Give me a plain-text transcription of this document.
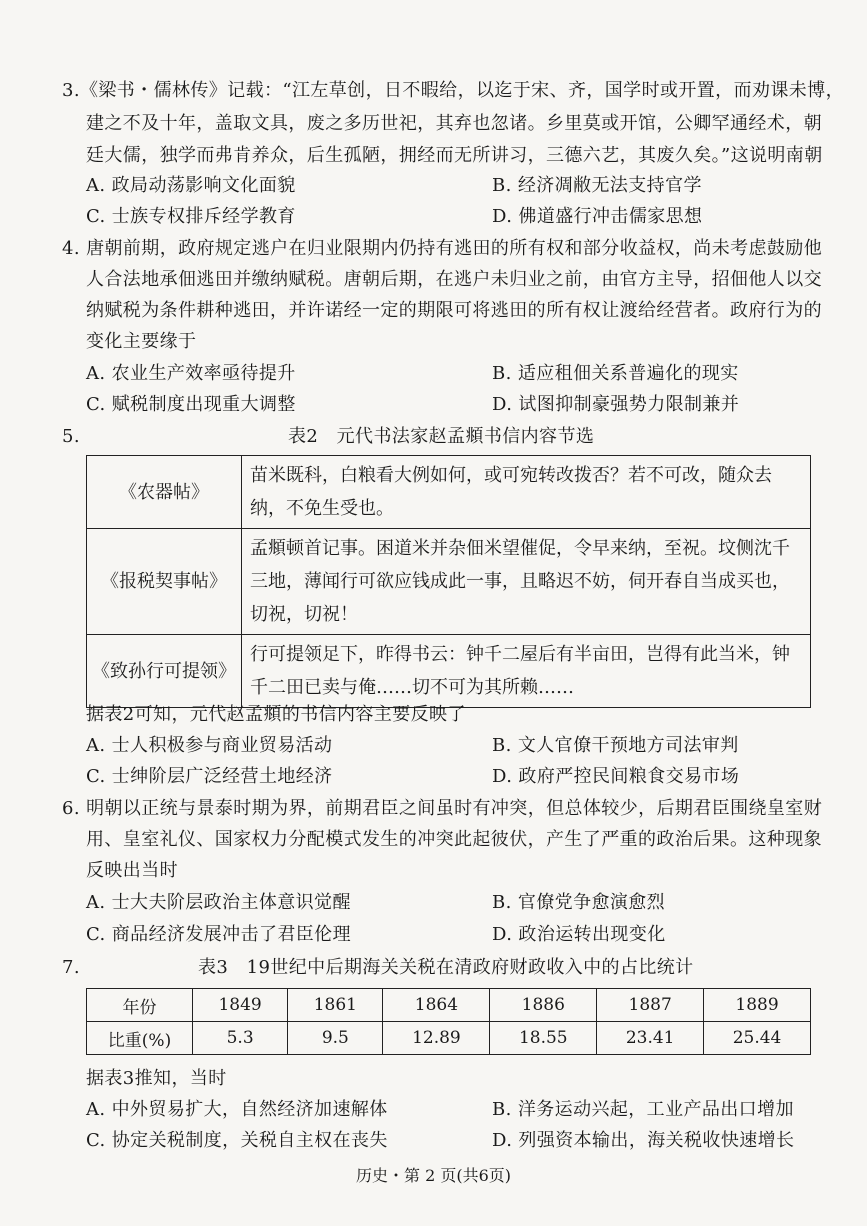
3.《梁书・儒林传》记载：“江左草创，日不暇给，以迄于宋、齐，国学时或开置，而劝课未博，
建之不及十年，盖取文具，废之多历世祀，其弃也忽诸。乡里莫或开馆，公卿罕通经术，朝
廷大儒，独学而弗肯养众，后生孤陋，拥经而无所讲习，三德六艺，其废久矣。”这说明南朝
A. 政局动荡影响文化面貌	B. 经济凋敝无法支持官学
C. 士族专权排斥经学教育	D. 佛道盛行冲击儒家思想
4. 唐朝前期，政府规定逃户在归业限期内仍持有逃田的所有权和部分收益权，尚未考虑鼓励他
人合法地承佃逃田并缴纳赋税。唐朝后期，在逃户未归业之前，由官方主导，招佃他人以交
纳赋税为条件耕种逃田，并许诺经一定的期限可将逃田的所有权让渡给经营者。政府行为的
变化主要缘于
A. 农业生产效率亟待提升	B. 适应租佃关系普遍化的现实
C. 赋税制度出现重大调整	D. 试图抑制豪强势力限制兼并
5.	表2　元代书法家赵孟頫书信内容节选
《农器帖》	苗米既科，白粮看大例如何，或可宛转改拨否？若不可改，随众去
纳，不免生受也。

《报税契事帖》	孟頫顿首记事。困道米并杂佃米望催促，令早来纳，至祝。坟侧沈千
三地，薄闻行可欲应钱成此一事，且略迟不妨，伺开春自当成买也，
切祝，切祝！

《致孙行可提领》	行可提领足下，昨得书云：钟千二屋后有半亩田，岂得有此当米，钟
千二田已卖与俺……切不可为其所赖……
据表2可知，元代赵孟頫的书信内容主要反映了
A. 士人积极参与商业贸易活动	B. 文人官僚干预地方司法审判
C. 士绅阶层广泛经营土地经济	D. 政府严控民间粮食交易市场
6. 明朝以正统与景泰时期为界，前期君臣之间虽时有冲突，但总体较少，后期君臣围绕皇室财
用、皇室礼仪、国家权力分配模式发生的冲突此起彼伏，产生了严重的政治后果。这种现象
反映出当时
A. 士大夫阶层政治主体意识觉醒	B. 官僚党争愈演愈烈
C. 商品经济发展冲击了君臣伦理	D. 政治运转出现变化
7.	表3　19世纪中后期海关关税在清政府财政收入中的占比统计
年份	1849	1861	1864	1886	1887	1889
比重(%)	5.3	9.5	12.89	18.55	23.41	25.44
据表3推知，当时
A. 中外贸易扩大，自然经济加速解体	B. 洋务运动兴起，工业产品出口增加
C. 协定关税制度，关税自主权在丧失	D. 列强资本输出，海关税收快速增长
历史・第 2 页(共6页)
